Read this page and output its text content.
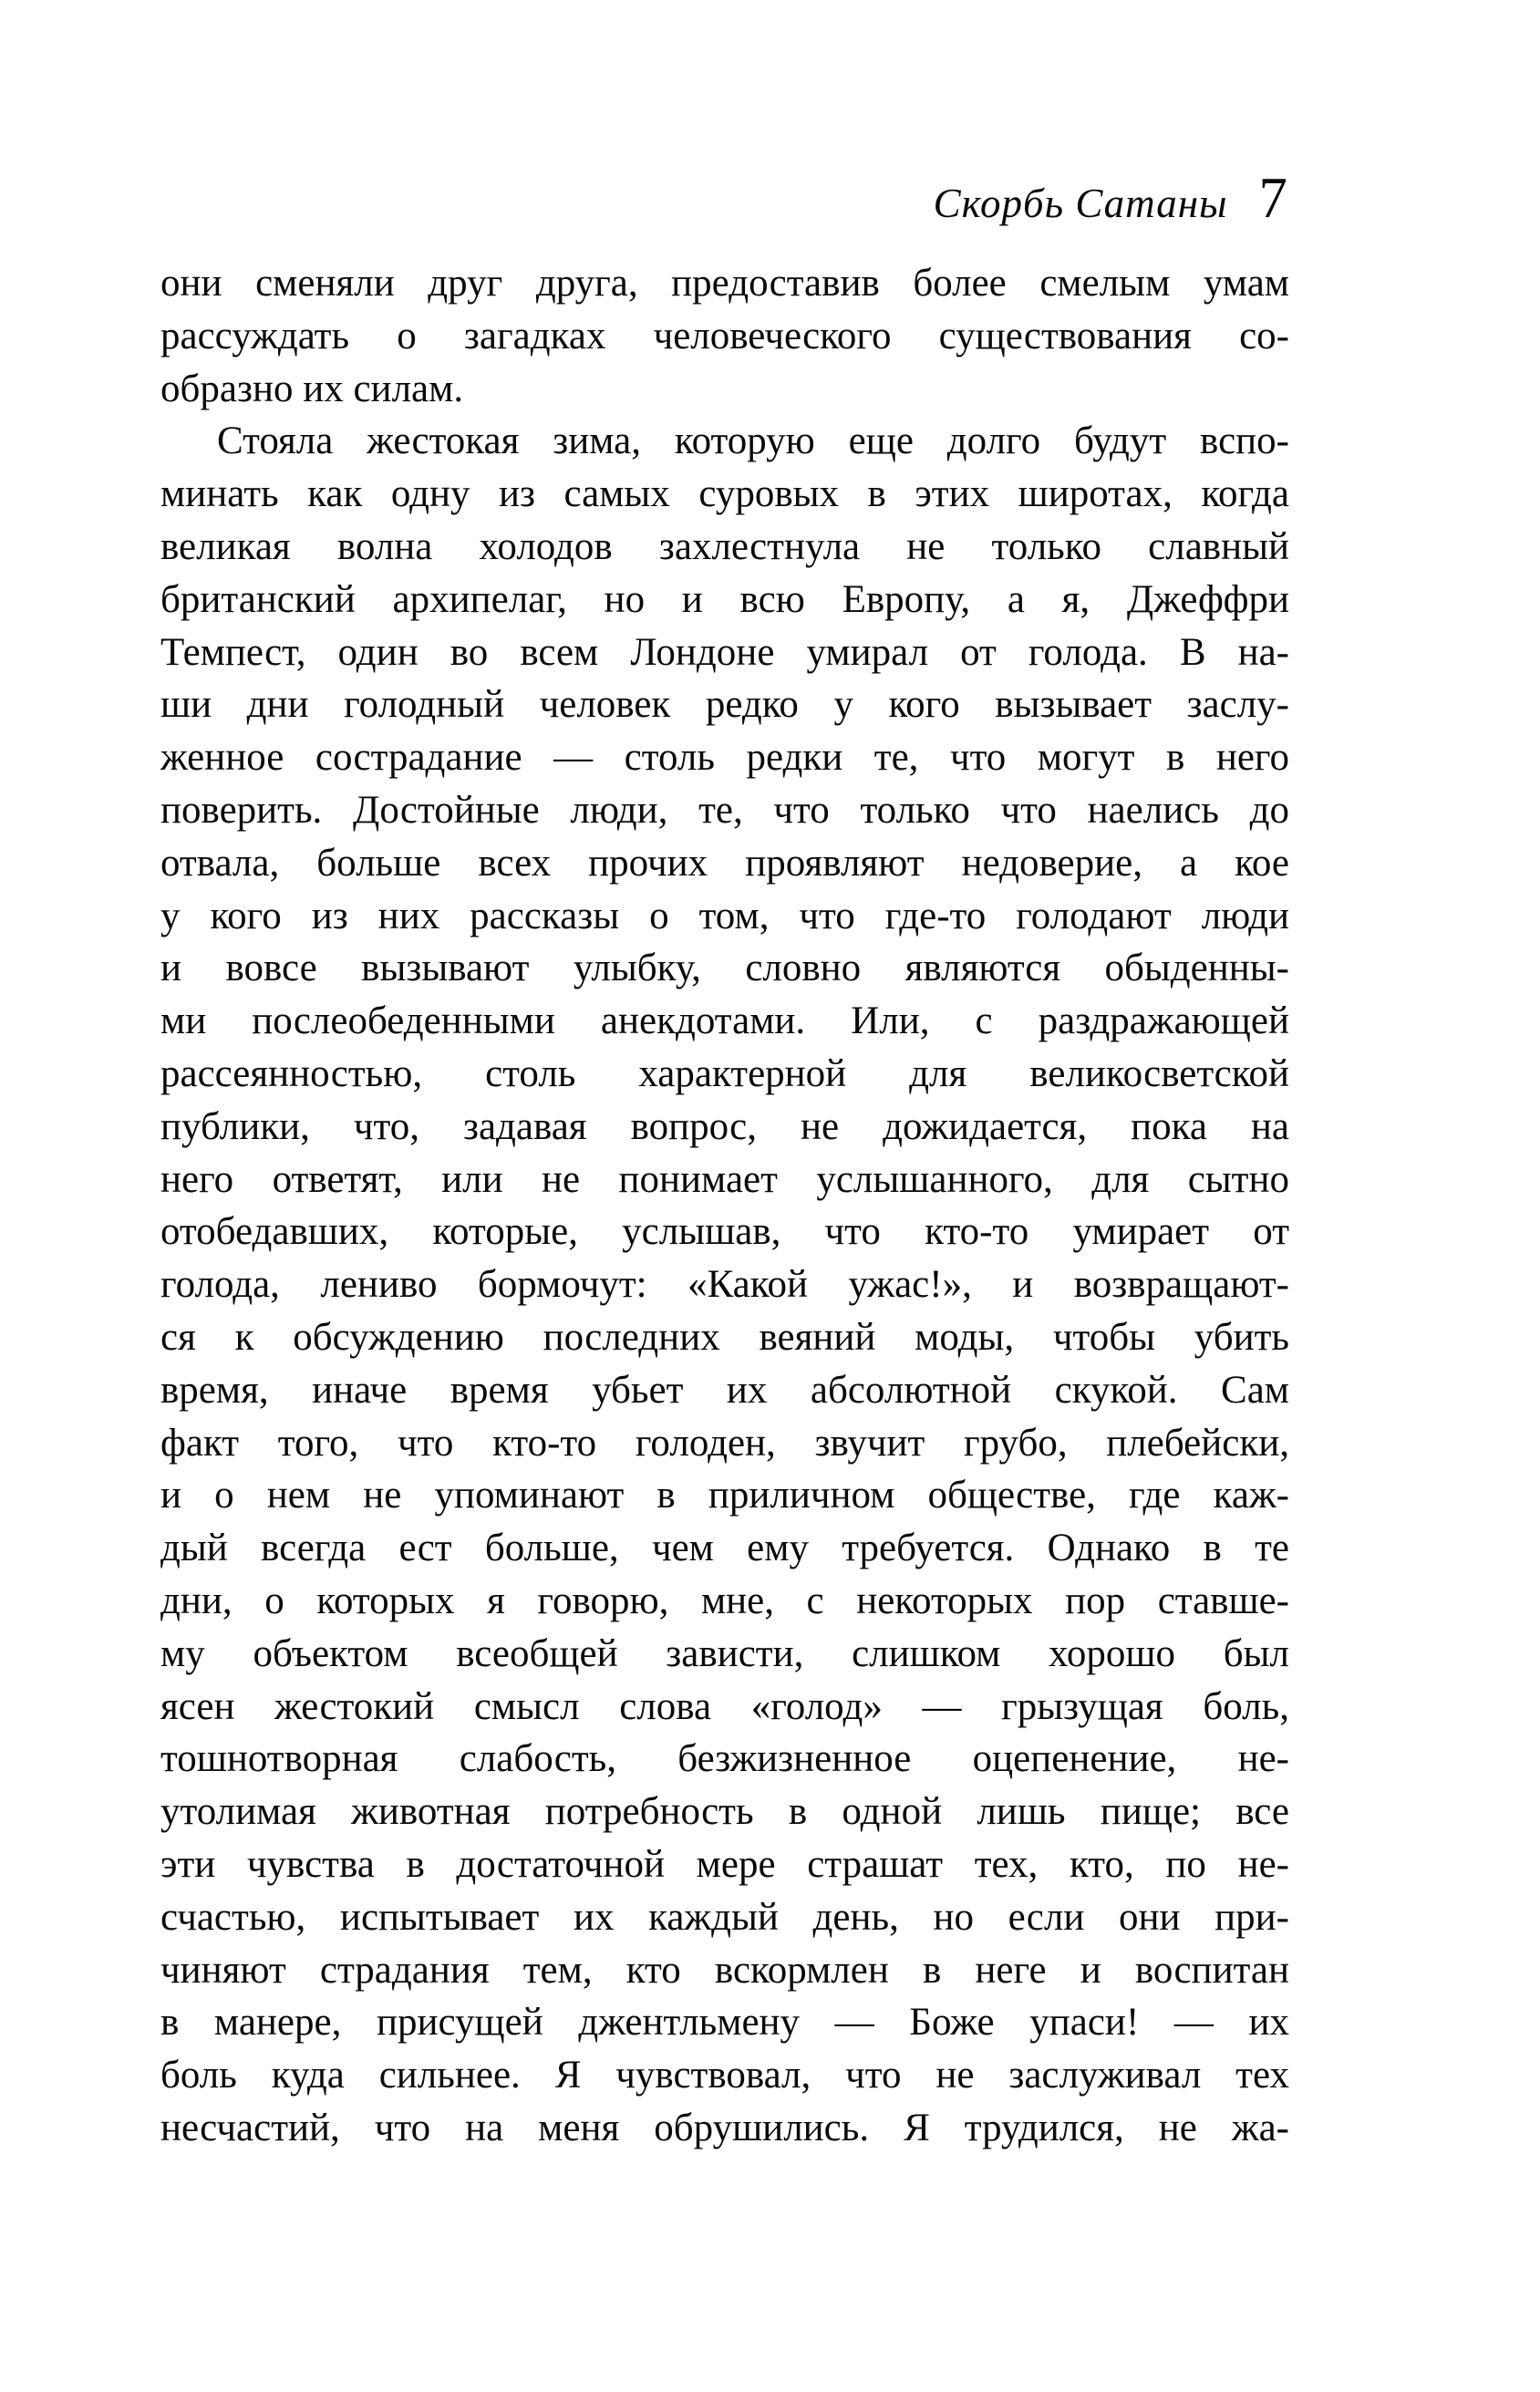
Скорбь Сатаны 7
они сменяли друг друга, предоставив более смелым умам
рассуждать о загадках человеческого существования со-
образно их силам.
Стояла жестокая зима, которую еще долго будут вспо-
минать как одну из самых суровых в этих широтах, когда
великая волна холодов захлестнула не только славный
британский архипелаг, но и всю Европу, а я, Джеффри
Темпест, один во всем Лондоне умирал от голода. В на-
ши дни голодный человек редко у кого вызывает заслу-
женное сострадание — столь редки те, что могут в него
поверить. Достойные люди, те, что только что наелись до
отвала, больше всех прочих проявляют недоверие, а кое
у кого из них рассказы о том, что где-то голодают люди
и вовсе вызывают улыбку, словно являются обыденны-
ми послеобеденными анекдотами. Или, с раздражающей
рассеянностью, столь характерной для великосветской
публики, что, задавая вопрос, не дожидается, пока на
него ответят, или не понимает услышанного, для сытно
отобедавших, которые, услышав, что кто-то умирает от
голода, лениво бормочут: «Какой ужас!», и возвращают-
ся к обсуждению последних веяний моды, чтобы убить
время, иначе время убьет их абсолютной скукой. Сам
факт того, что кто-то голоден, звучит грубо, плебейски,
и о нем не упоминают в приличном обществе, где каж-
дый всегда ест больше, чем ему требуется. Однако в те
дни, о которых я говорю, мне, с некоторых пор ставше-
му объектом всеобщей зависти, слишком хорошо был
ясен жестокий смысл слова «голод» — грызущая боль,
тошнотворная слабость, безжизненное оцепенение, не-
утолимая животная потребность в одной лишь пище; все
эти чувства в достаточной мере страшат тех, кто, по не-
счастью, испытывает их каждый день, но если они при-
чиняют страдания тем, кто вскормлен в неге и воспитан
в манере, присущей джентльмену — Боже упаси! — их
боль куда сильнее. Я чувствовал, что не заслуживал тех
несчастий, что на меня обрушились. Я трудился, не жа-
